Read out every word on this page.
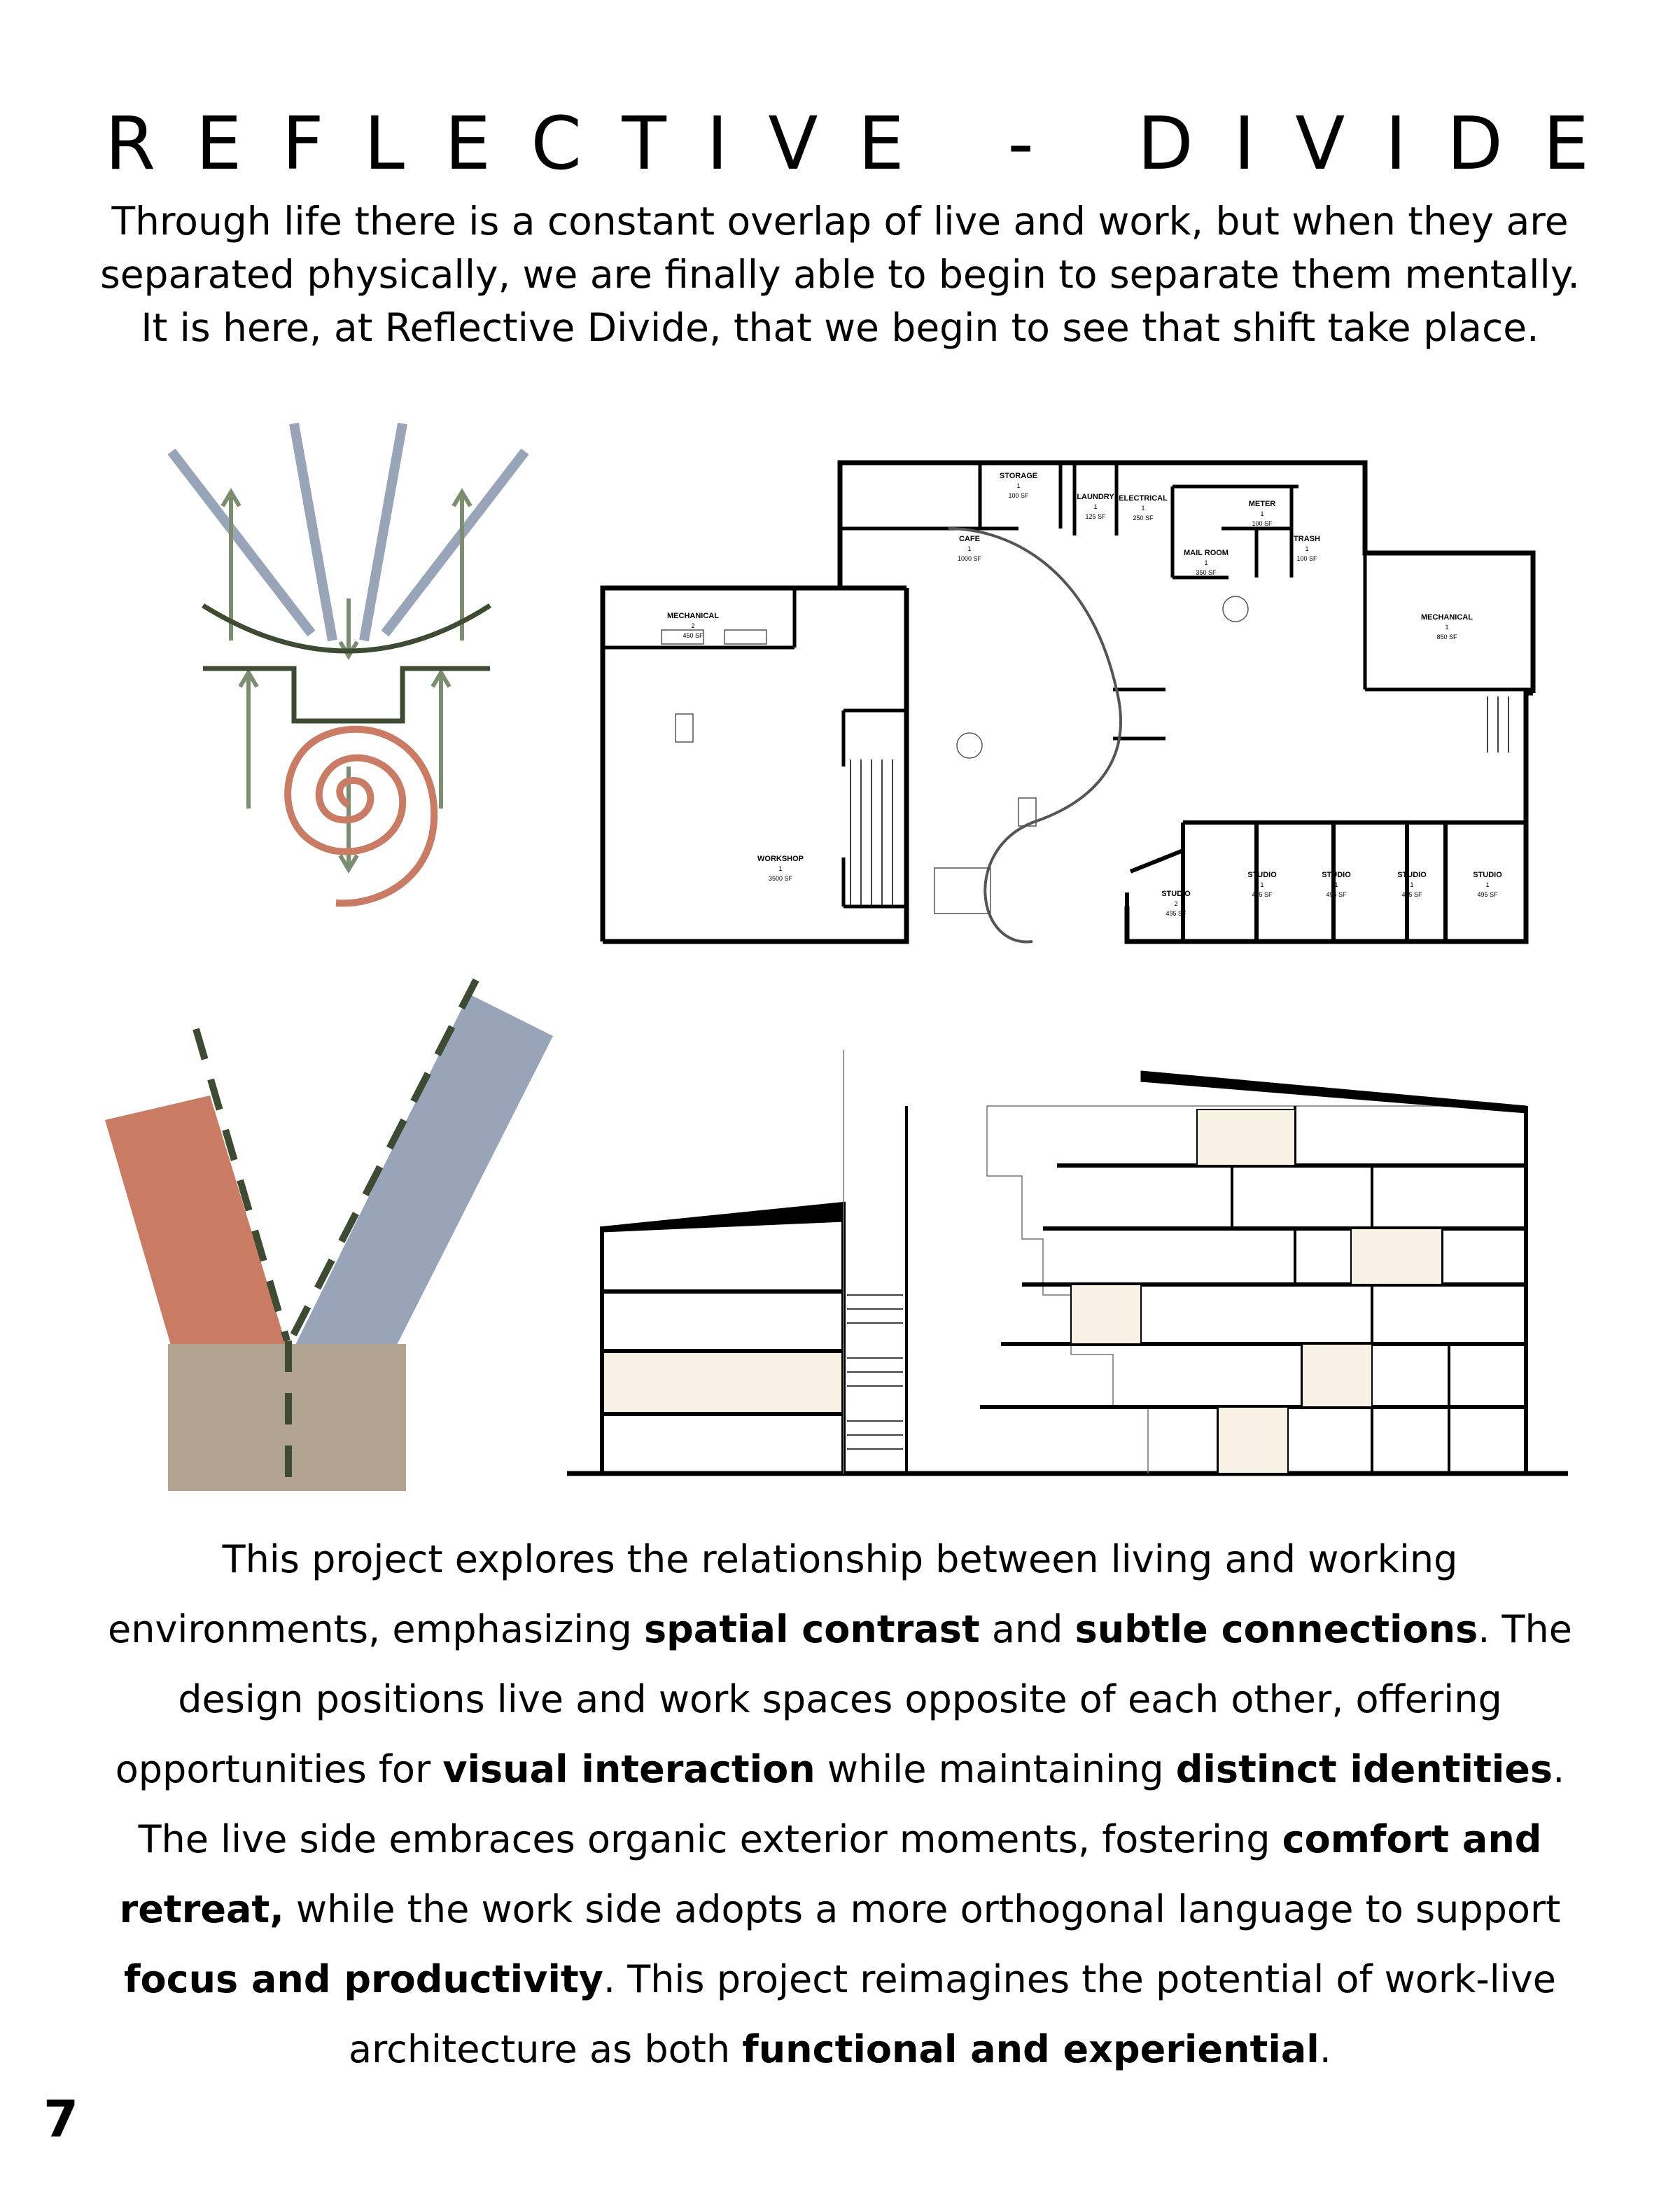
R E F L E C T I V E
-
D I V I D E
Through life there is a constant overlap of live and work, but when they are
separated physically, we are finally able to begin to separate them mentally.
It is here, at Reflective Divide, that we begin to see that shift take place.
STORAGE
1
100 SF	LAUNDRY
1
125 SF
ELECTRICAL
1
250 SF
METER
1
100 SF
CAFE
1
1000 SF
MAIL ROOM
1
350 SF
TRASH
1
100 SF
MECHANICAL
2
450 SF
MECHANICAL
1
850 SF
WORKSHOP
1
3500 SF
STUDIO
2
495 SF
STUDIO
1
495 SF
STUDIO
1
495 SF
STUDIO
1
495 SF
STUDIO
1
495 SF
This project explores the relationship between living and working environments, emphasizing spatial contrast and subtle connections. The design positions live and work spaces opposite of each other, offering opportunities for visual interaction while maintaining distinct identities. The live side embraces organic exterior moments, fostering comfort and retreat, while the work side adopts a more orthogonal language to support focus and productivity. This project reimagines the potential of work-live architecture as both functional and experiential.
7
